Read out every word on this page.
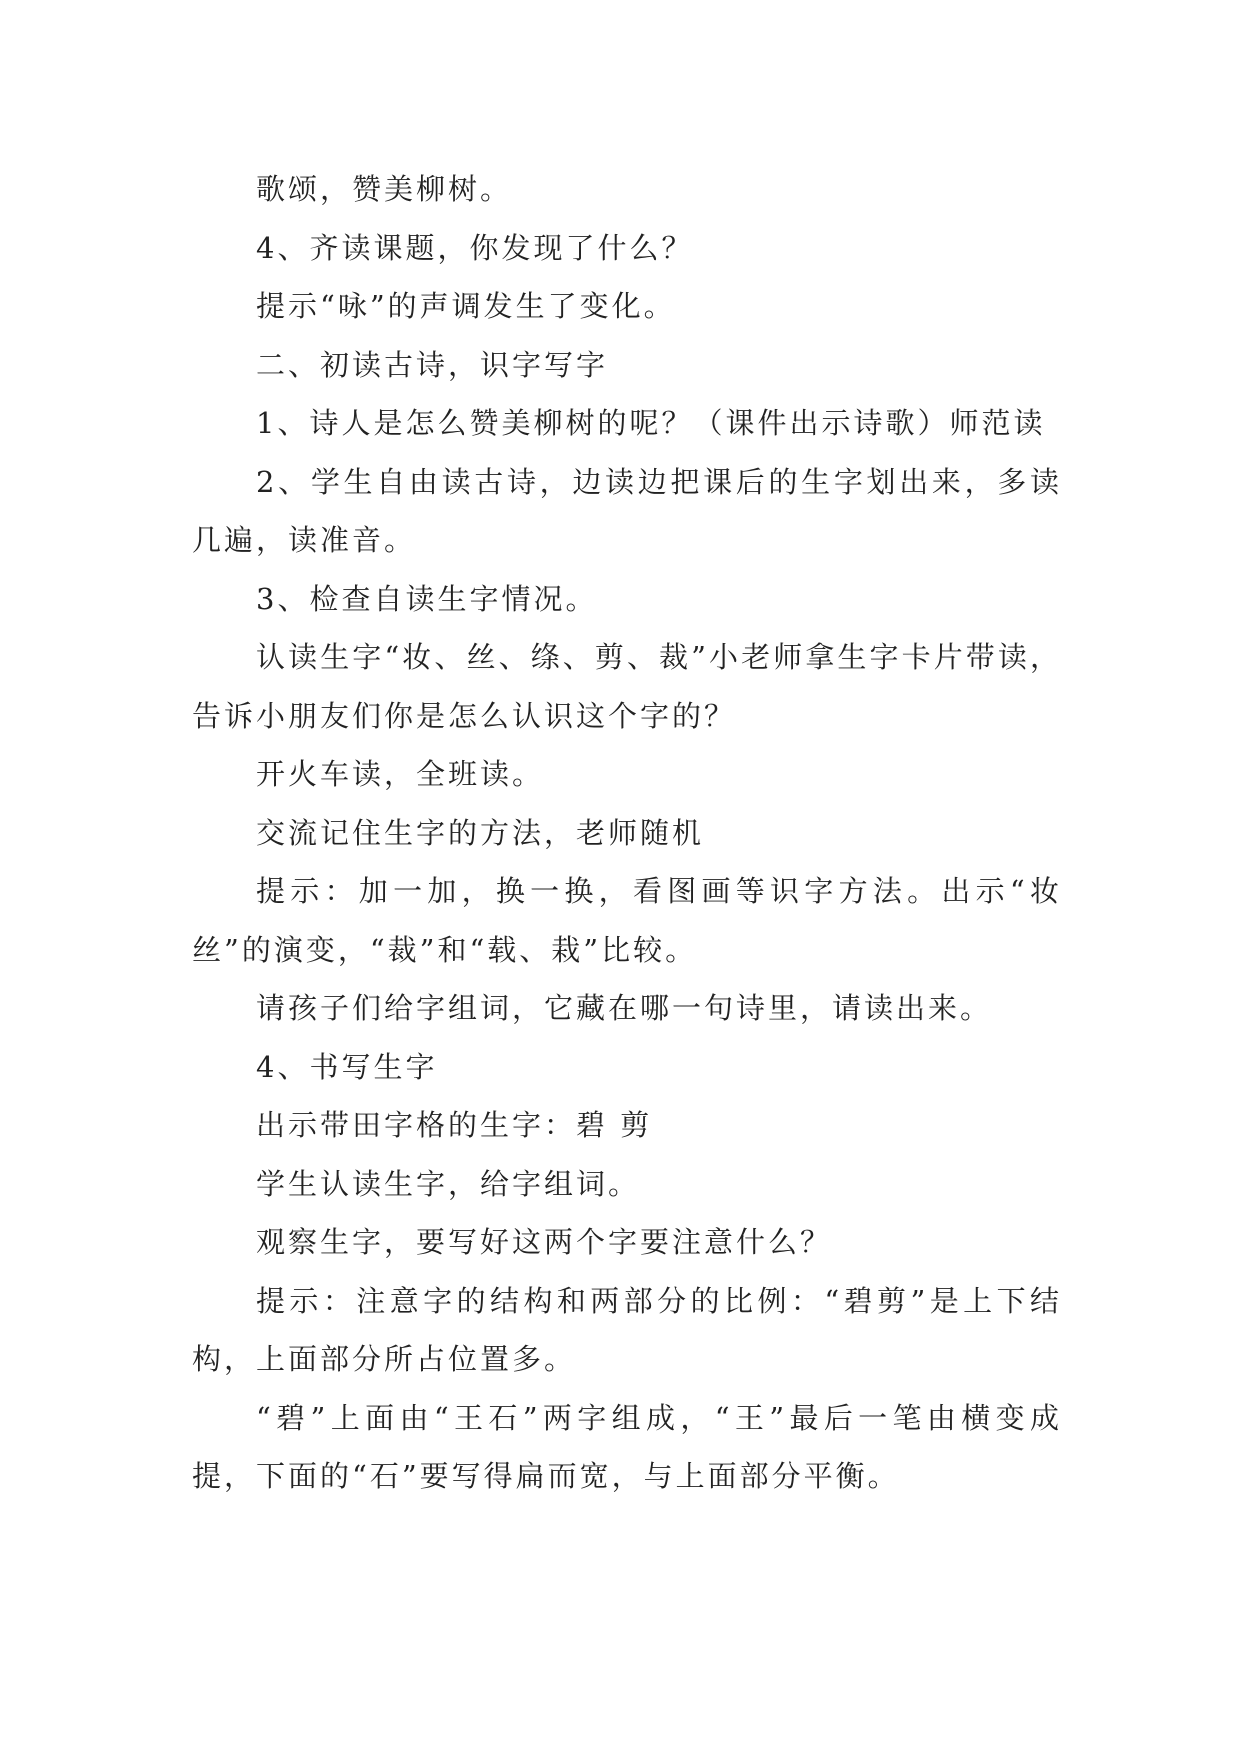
歌颂，赞美柳树。

4、齐读课题，你发现了什么？

提示“咏”的声调发生了变化。

二、初读古诗，识字写字

1、诗人是怎么赞美柳树的呢？（课件出示诗歌）师范读

2、学生自由读古诗，边读边把课后的生字划出来，多读几遍，读准音。

3、检查自读生字情况。

认读生字“妆、丝、绦、剪、裁”小老师拿生字卡片带读，告诉小朋友们你是怎么认识这个字的？

开火车读，全班读。

交流记住生字的方法，老师随机

提示：加一加，换一换，看图画等识字方法。出示“妆丝”的演变，“裁”和“载、栽”比较。

请孩子们给字组词，它藏在哪一句诗里，请读出来。

4、书写生字

出示带田字格的生字：碧 剪

学生认读生字，给字组词。

观察生字，要写好这两个字要注意什么？

提示：注意字的结构和两部分的比例：“碧剪”是上下结构，上面部分所占位置多。

“碧”上面由“王石”两字组成，“王”最后一笔由横变成提，下面的“石”要写得扁而宽，与上面部分平衡。
